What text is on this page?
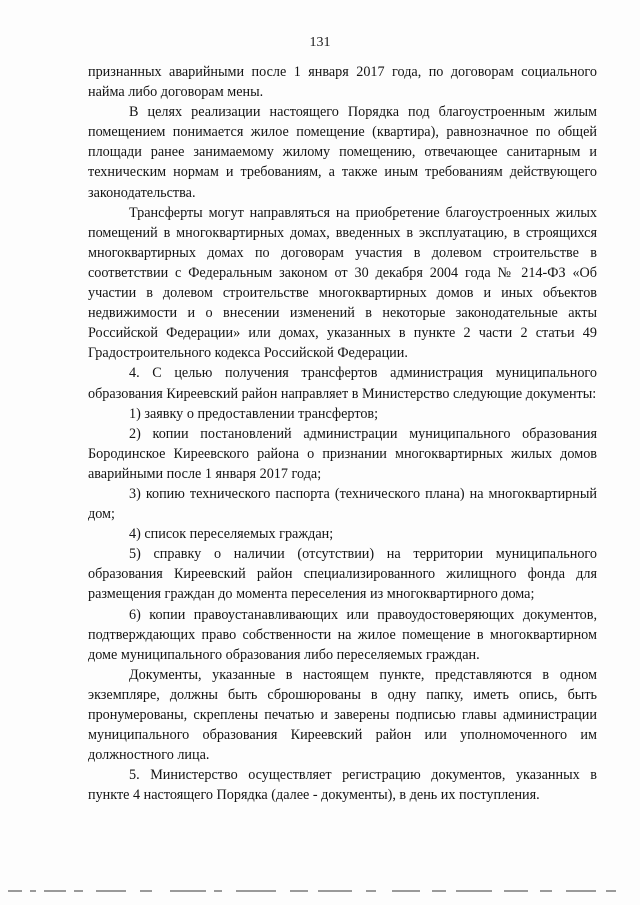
131

признанных аварийными после 1 января 2017 года, по договорам социального найма либо договорам мены.

В целях реализации настоящего Порядка под благоустроенным жилым помещением понимается жилое помещение (квартира), равнозначное по общей площади ранее занимаемому жилому помещению, отвечающее санитарным и техническим нормам и требованиям, а также иным требованиям действующего законодательства.

Трансферты могут направляться на приобретение благоустроенных жилых помещений в многоквартирных домах, введенных в эксплуатацию, в строящихся многоквартирных домах по договорам участия в долевом строительстве в соответствии с Федеральным законом от 30 декабря 2004 года № 214-ФЗ «Об участии в долевом строительстве многоквартирных домов и иных объектов недвижимости и о внесении изменений в некоторые законодательные акты Российской Федерации» или домах, указанных в пункте 2 части 2 статьи 49 Градостроительного кодекса Российской Федерации.

4. С целью получения трансфертов администрация муниципального образования Киреевский район направляет в Министерство следующие документы:

1) заявку о предоставлении трансфертов;

2) копии постановлений администрации муниципального образования Бородинское Киреевского района о признании многоквартирных жилых домов аварийными после 1 января 2017 года;

3) копию технического паспорта (технического плана) на многоквартирный дом;

4) список переселяемых граждан;

5) справку о наличии (отсутствии) на территории муниципального образования Киреевский район специализированного жилищного фонда для размещения граждан до момента переселения из многоквартирного дома;

6) копии правоустанавливающих или правоудостоверяющих документов, подтверждающих право собственности на жилое помещение в многоквартирном доме муниципального образования либо переселяемых граждан.

Документы, указанные в настоящем пункте, представляются в одном экземпляре, должны быть сброшюрованы в одну папку, иметь опись, быть пронумерованы, скреплены печатью и заверены подписью главы администрации муниципального образования Киреевский район или уполномоченного им должностного лица.

5. Министерство осуществляет регистрацию документов, указанных в пункте 4 настоящего Порядка (далее - документы), в день их поступления.
